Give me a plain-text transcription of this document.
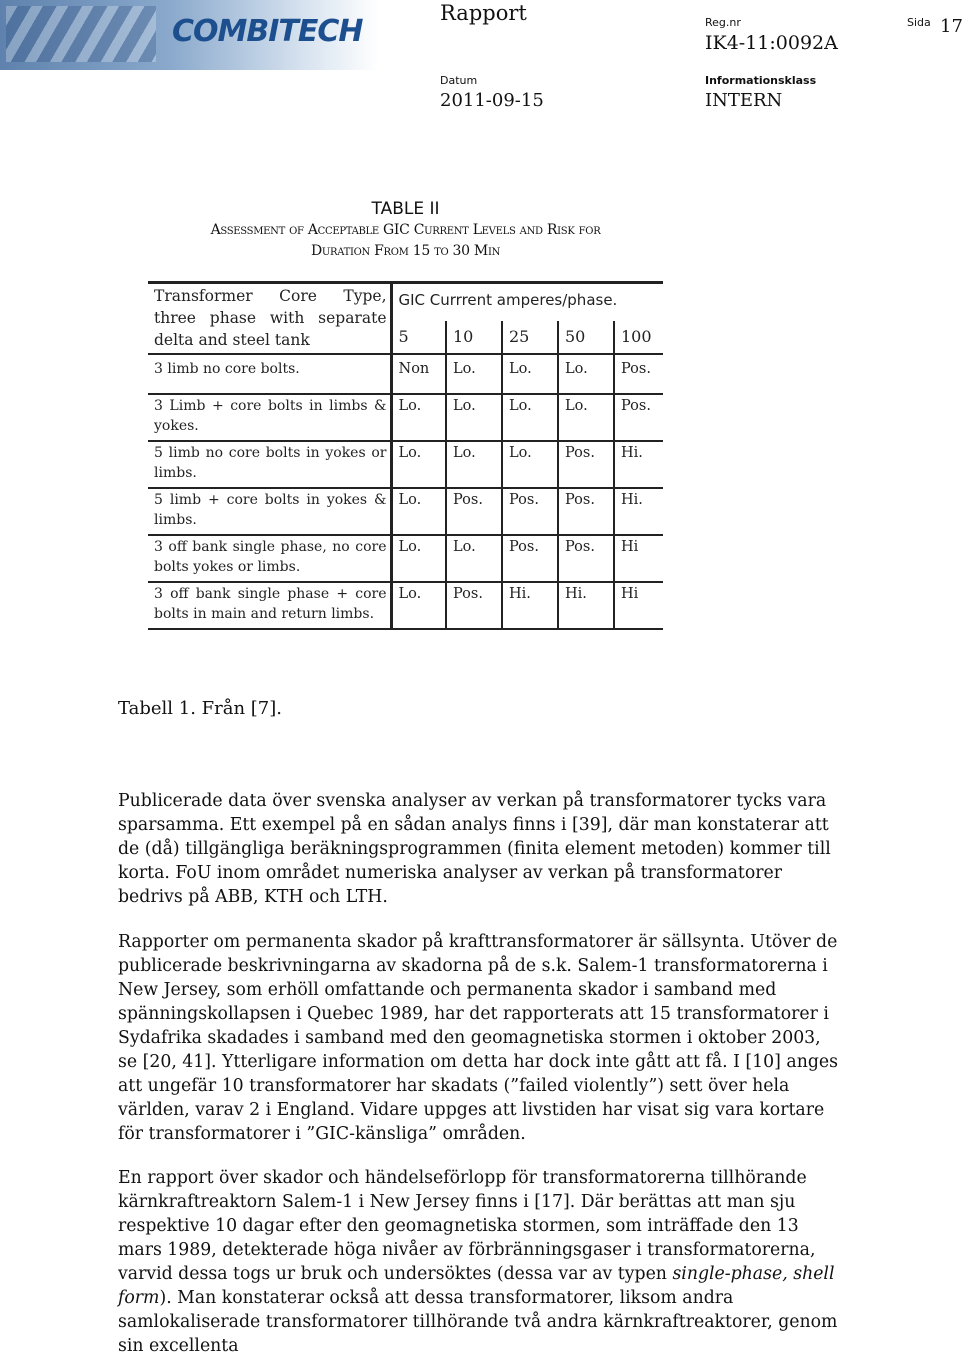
COMBITECH
Rapport	Reg.nr
IK4-11:0092A
Sida 17
Datum
2011-09-15
Informationsklass
INTERN
TABLE II
Assessment of Acceptable GIC Current Levels and Risk for
Duration From 15 to 30 Min
Transformer Core Type, three phase with separate delta and steel tank	GIC Currrent amperes/phase.				
	5	10	25	50	100
3 limb no core bolts.	Non	Lo.	Lo.	Lo.	Pos.
3 Limb + core bolts in limbs & yokes.	Lo.	Lo.	Lo.	Lo.	Pos.
5 limb no core bolts in yokes or limbs.	Lo.	Lo.	Lo.	Pos.	Hi.
5 limb + core bolts in yokes & limbs.	Lo.	Pos.	Pos.	Pos.	Hi.
3 off bank single phase, no core bolts yokes or limbs.	Lo.	Lo.	Pos.	Pos.	Hi
3 off bank single phase + core bolts in main and return limbs.	Lo.	Pos.	Hi.	Hi.	Hi
Tabell 1. Från [7].

Publicerade data över svenska analyser av verkan på transformatorer tycks vara sparsamma. Ett exempel på en sådan analys finns i [39], där man konstaterar att de (då) tillgängliga beräkningsprogrammen (finita element metoden) kommer till korta. FoU inom området numeriska analyser av verkan på transformatorer bedrivs på ABB, KTH och LTH.

Rapporter om permanenta skador på krafttransformatorer är sällsynta. Utöver de publicerade beskrivningarna av skadorna på de s.k. Salem-1 transformatorerna i New Jersey, som erhöll omfattande och permanenta skador i samband med spänningskollapsen i Quebec 1989, har det rapporterats att 15 transformatorer i Sydafrika skadades i samband med den geomagnetiska stormen i oktober 2003, se [20, 41]. Ytterligare information om detta har dock inte gått att få. I [10] anges att ungefär 10 transformatorer har skadats (”failed violently”) sett över hela världen, varav 2 i England. Vidare uppges att livstiden har visat sig vara kortare för transformatorer i ”GIC-känsliga” områden.

En rapport över skador och händelseförlopp för transformatorerna tillhörande kärnkraftreaktorn Salem-1 i New Jersey finns i [17]. Där berättas att man sju respektive 10 dagar efter den geomagnetiska stormen, som inträffade den 13 mars 1989, detekterade höga nivåer av förbränningsgaser i transformatorerna, varvid dessa togs ur bruk och undersöktes (dessa var av typen single-phase, shell form). Man konstaterar också att dessa transformatorer, liksom andra samlokaliserade transformatorer tillhörande två andra kärnkraftreaktorer, genom sin excellenta
